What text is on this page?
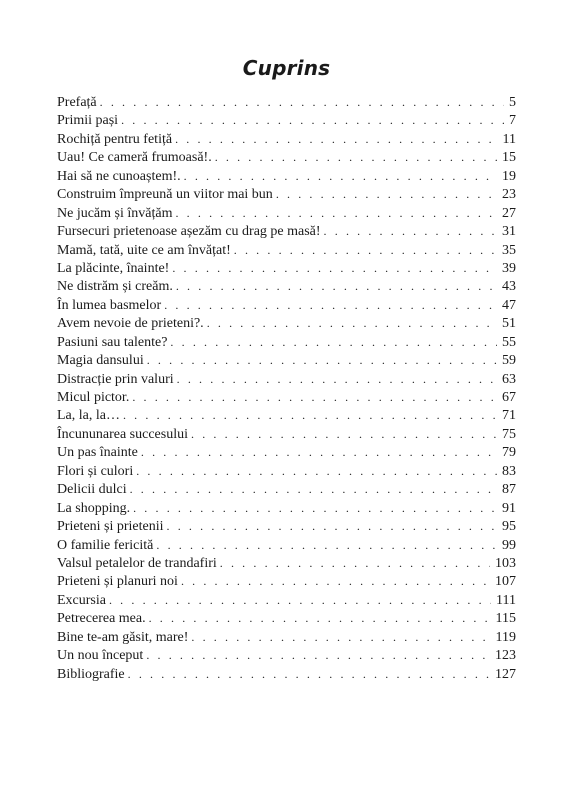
Cuprins
Prefață . . .	5
Primii pași . . .	7
Rochiță pentru fetiță . . .	11
Uau! Ce cameră frumoasă!. . . .	15
Hai să ne cunoaștem!. . . .	19
Construim împreună un viitor mai bun . . .	23
Ne jucăm și învățăm . . .	27
Fursecuri prietenoase așezăm cu drag pe masă! . . .	31
Mamă, tată, uite ce am învățat! . . .	35
La plăcinte, înainte! . . .	39
Ne distrăm și creăm. . . .	43
În lumea basmelor . . .	47
Avem nevoie de prieteni?. . . .	51
Pasiuni sau talente? . . .	55
Magia dansului . . .	59
Distracție prin valuri . . .	63
Micul pictor. . . .	67
La, la, la… . . .	71
Încununarea succesului . . .	75
Un pas înainte . . .	79
Flori și culori . . .	83
Delicii dulci . . .	87
La shopping. . . .	91
Prieteni și prietenii . . .	95
O familie fericită . . .	99
Valsul petalelor de trandafiri . . .	103
Prieteni și planuri noi . . .	107
Excursia . . .	111
Petrecerea mea. . . .	115
Bine te-am găsit, mare! . . .	119
Un nou început . . .	123
Bibliografie . . .	127
